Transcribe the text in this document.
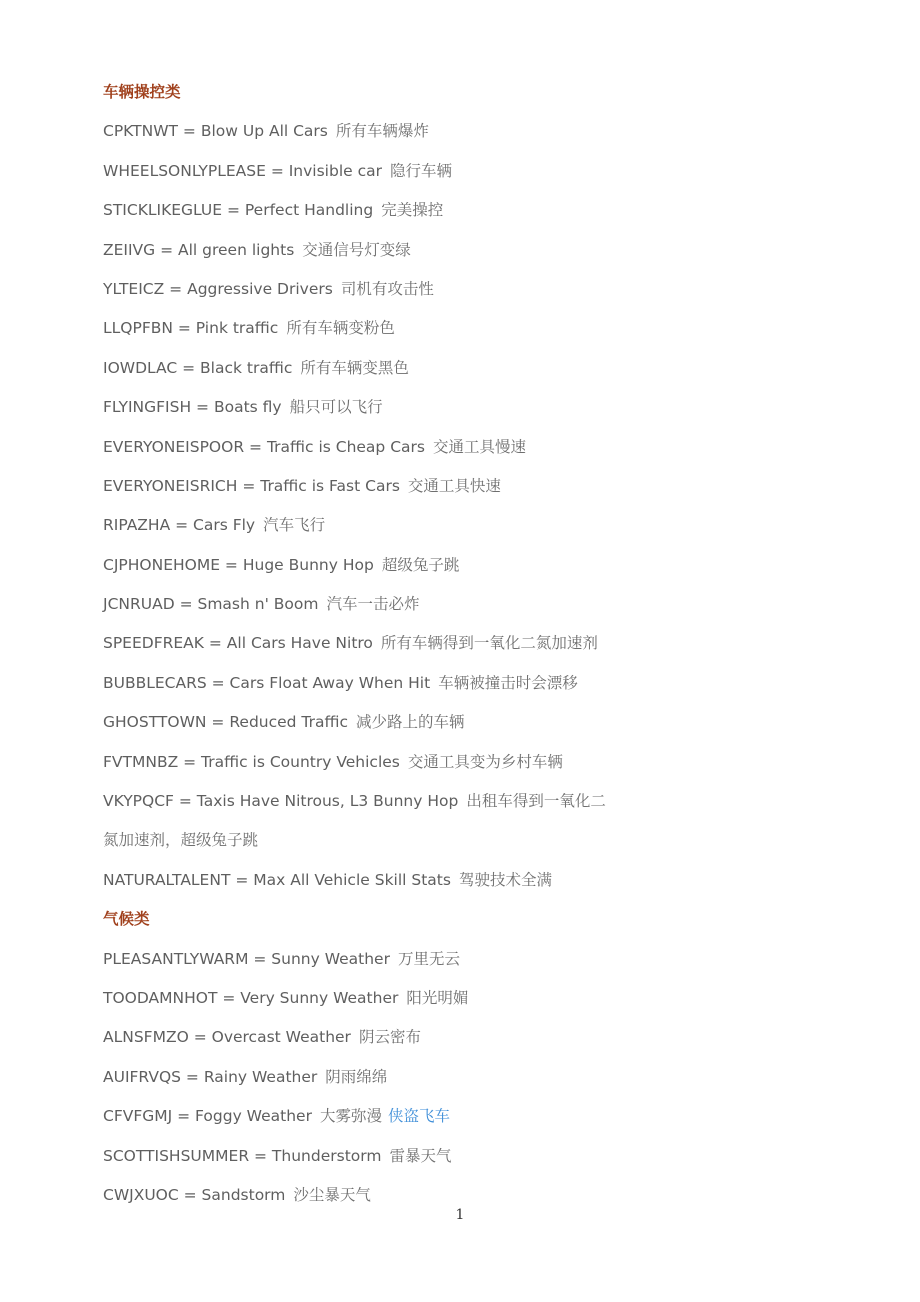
车辆操控类
CPKTNWT = Blow Up All Cars 所有车辆爆炸
WHEELSONLYPLEASE = Invisible car 隐行车辆
STICKLIKEGLUE = Perfect Handling 完美操控
ZEIIVG = All green lights 交通信号灯变绿
YLTEICZ = Aggressive Drivers 司机有攻击性
LLQPFBN = Pink traffic 所有车辆变粉色
IOWDLAC = Black traffic 所有车辆变黑色
FLYINGFISH = Boats fly 船只可以飞行
EVERYONEISPOOR = Traffic is Cheap Cars 交通工具慢速
EVERYONEISRICH = Traffic is Fast Cars 交通工具快速
RIPAZHA = Cars Fly 汽车飞行
CJPHONEHOME = Huge Bunny Hop 超级兔子跳
JCNRUAD = Smash n' Boom 汽车一击必炸
SPEEDFREAK = All Cars Have Nitro 所有车辆得到一氧化二氮加速剂
BUBBLECARS = Cars Float Away When Hit 车辆被撞击时会漂移
GHOSTTOWN = Reduced Traffic 减少路上的车辆
FVTMNBZ = Traffic is Country Vehicles 交通工具变为乡村车辆
VKYPQCF = Taxis Have Nitrous, L3 Bunny Hop 出租车得到一氧化二
氮加速剂，超级兔子跳
NATURALTALENT = Max All Vehicle Skill Stats 驾驶技术全满
气候类
PLEASANTLYWARM = Sunny Weather 万里无云
TOODAMNHOT = Very Sunny Weather 阳光明媚
ALNSFMZO = Overcast Weather 阴云密布
AUIFRVQS = Rainy Weather 阴雨绵绵
CFVFGMJ = Foggy Weather 大雾弥漫 侠盗飞车
SCOTTISHSUMMER = Thunderstorm 雷暴天气
CWJXUOC = Sandstorm 沙尘暴天气
1
